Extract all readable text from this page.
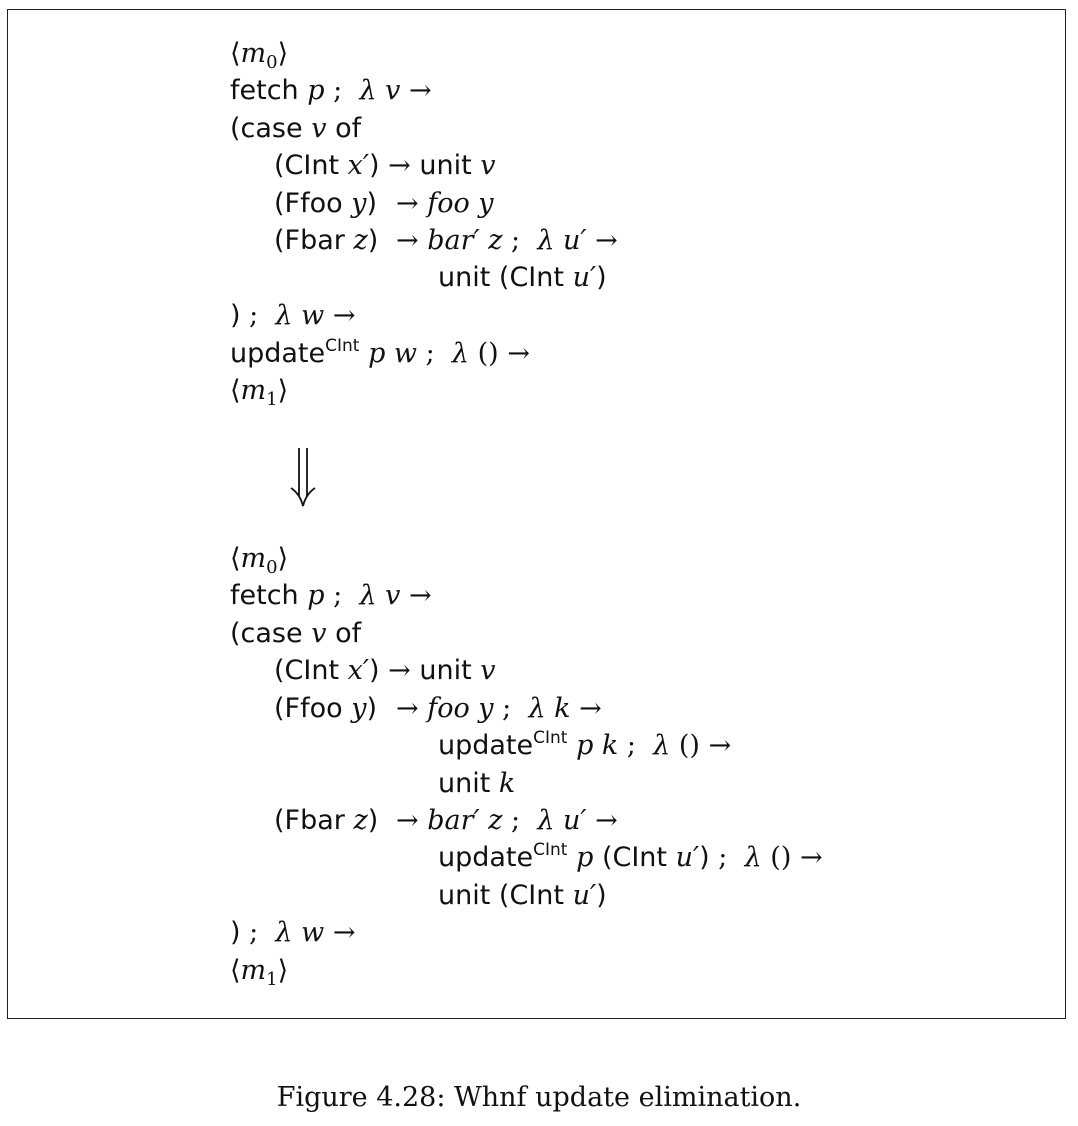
$⟨m_0⟩$
fetch p ; λ v →
(case v of
(CInt x′) → unit v
(Ffoo y) → foo y
(Fbar z) → bar′ z ; λ u′ →
unit (CInt u′)
) ; λ w →
update$^{CInt}$ p w ; λ () →
$⟨m_1⟩$
$⟨m_0⟩$
fetch p ; λ v →
(case v of
(CInt x′) → unit v
(Ffoo y) → foo y ; λ k →
update$^{CInt}$ p k ; λ () →
unit k
(Fbar z) → bar′ z ; λ u′ →
update$^{CInt}$ p (CInt u′) ; λ () →
unit (CInt u′)
) ; λ w →
$⟨m_1⟩$
Figure 4.28: Whnf update elimination.
